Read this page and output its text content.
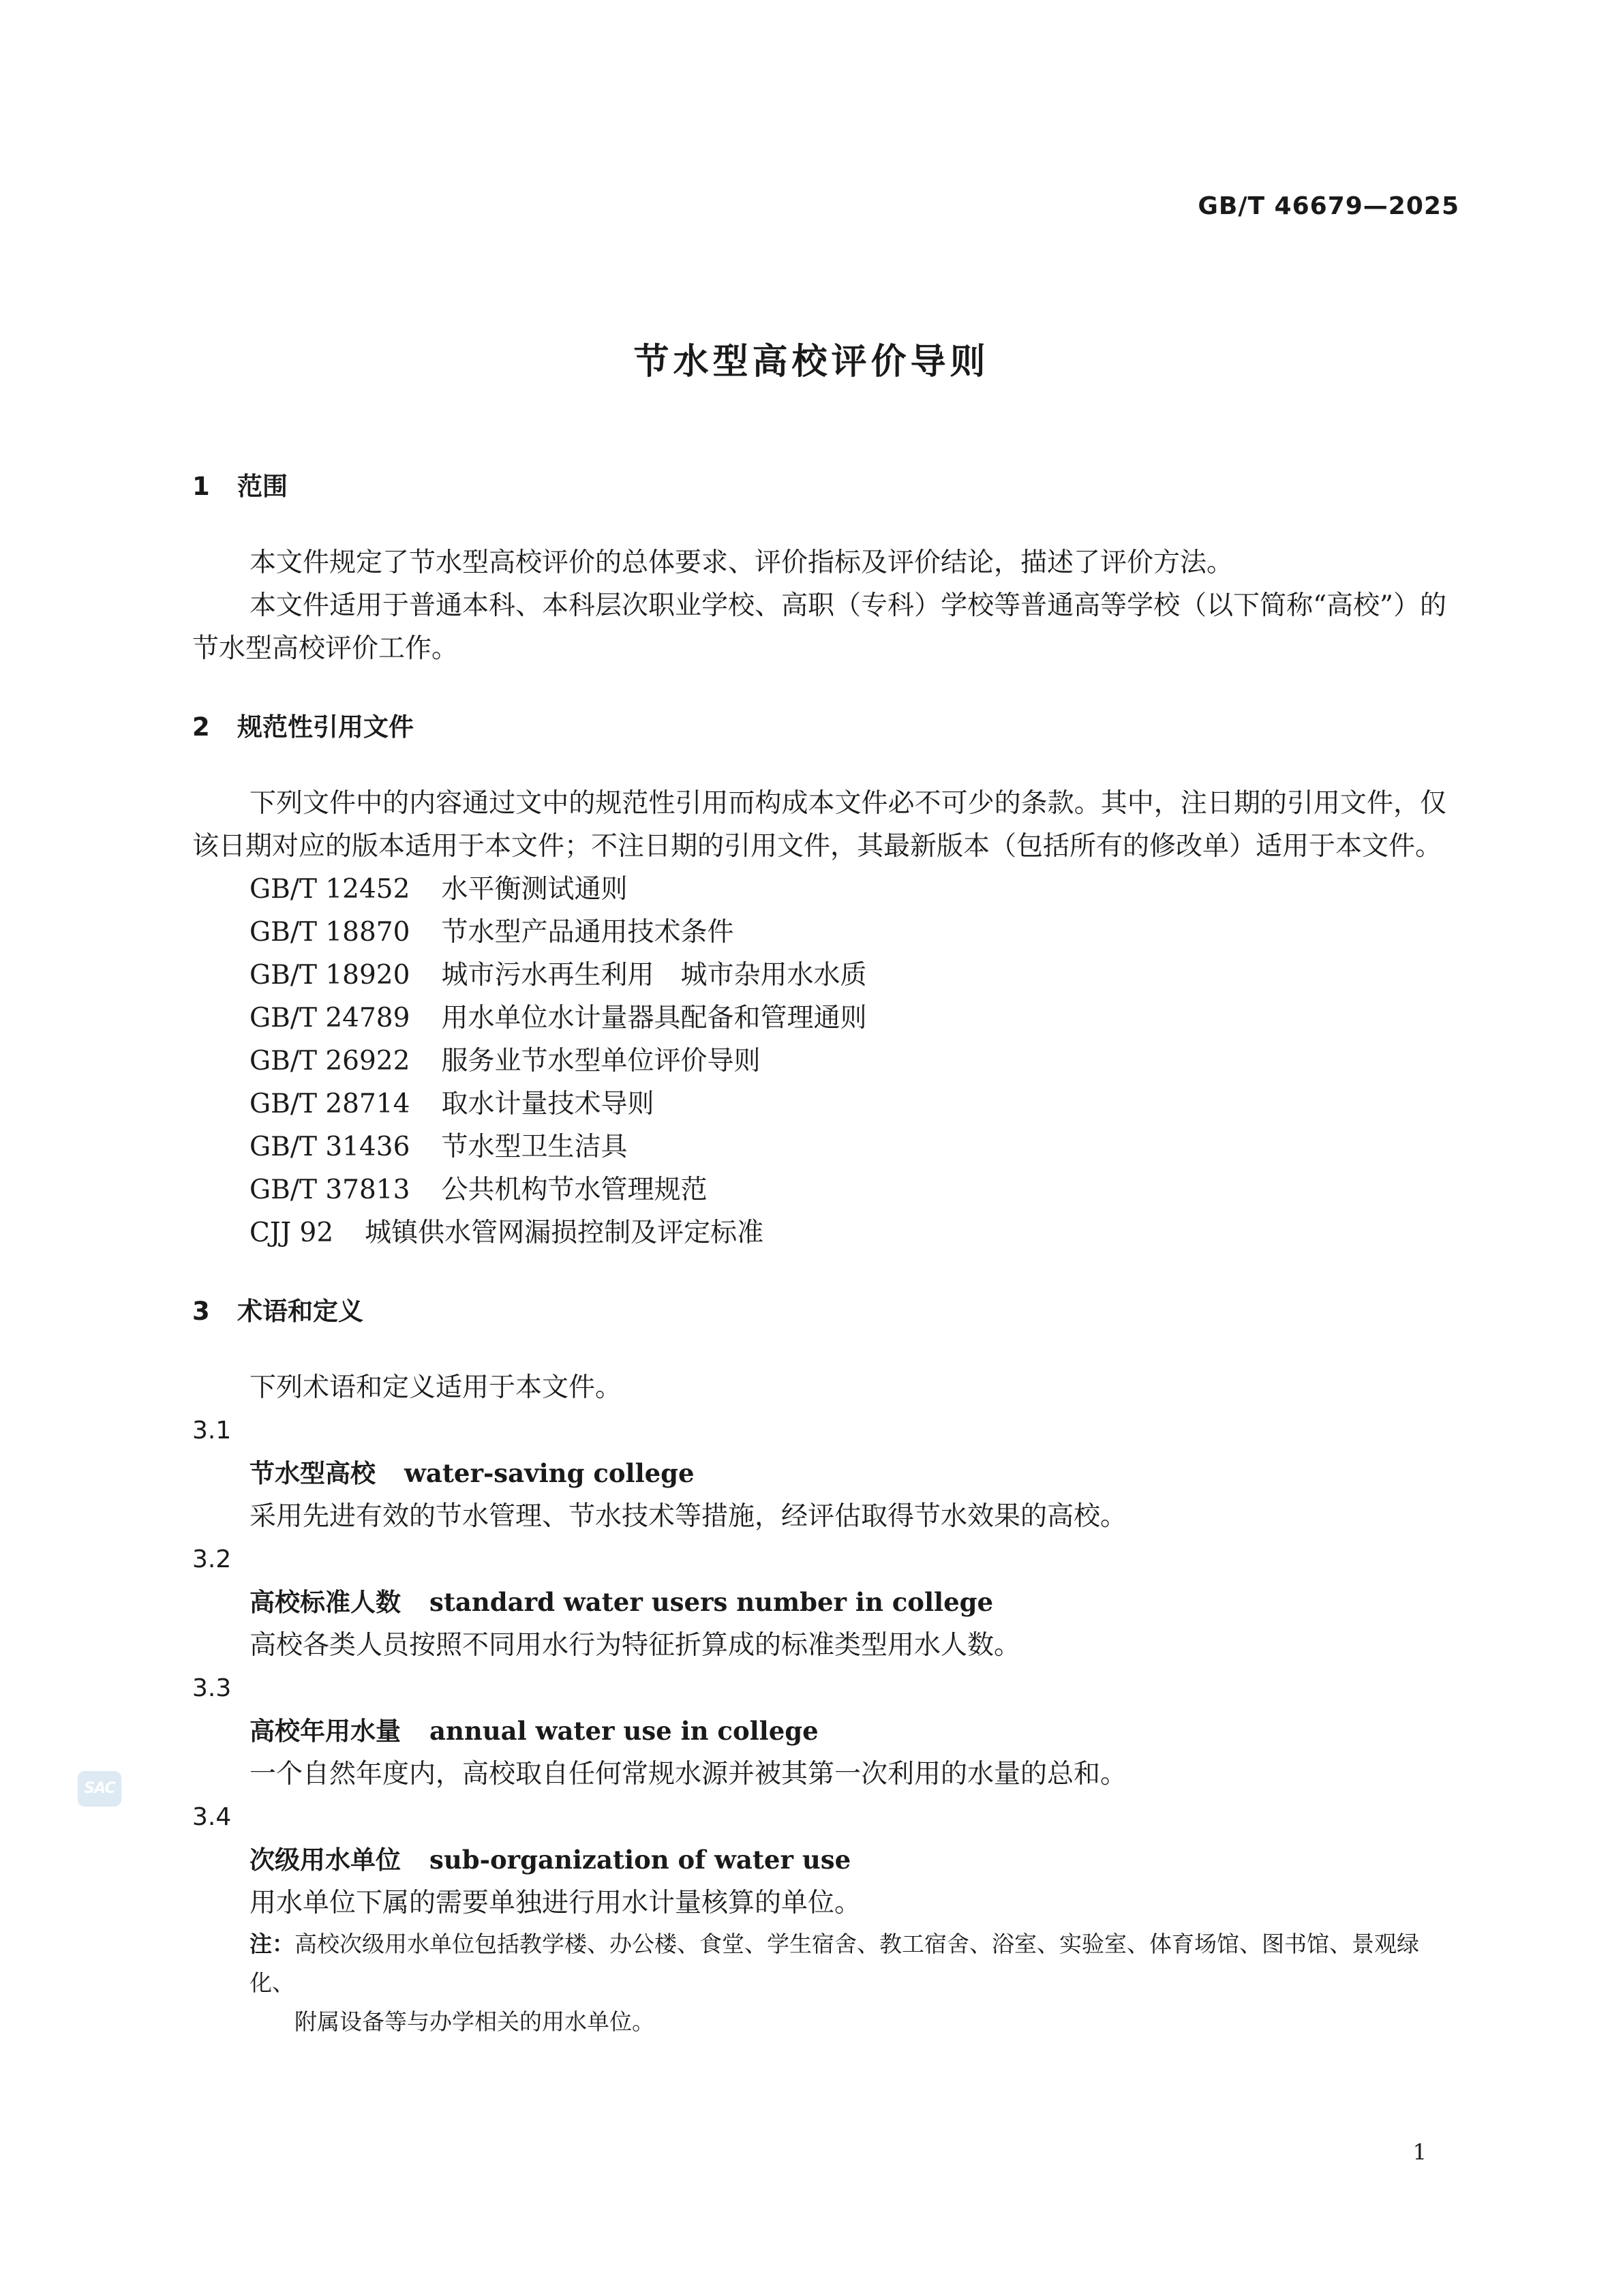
GB/T 46679—2025
节水型高校评价导则
1 范围
本文件规定了节水型高校评价的总体要求、评价指标及评价结论，描述了评价方法。
本文件适用于普通本科、本科层次职业学校、高职（专科）学校等普通高等学校（以下简称“高校”）的节水型高校评价工作。
2 规范性引用文件
下列文件中的内容通过文中的规范性引用而构成本文件必不可少的条款。其中，注日期的引用文件，仅该日期对应的版本适用于本文件；不注日期的引用文件，其最新版本（包括所有的修改单）适用于本文件。
GB/T 12452 水平衡测试通则
GB/T 18870 节水型产品通用技术条件
GB/T 18920 城市污水再生利用　城市杂用水水质
GB/T 24789 用水单位水计量器具配备和管理通则
GB/T 26922 服务业节水型单位评价导则
GB/T 28714 取水计量技术导则
GB/T 31436 节水型卫生洁具
GB/T 37813 公共机构节水管理规范
CJJ 92 城镇供水管网漏损控制及评定标准
3 术语和定义
下列术语和定义适用于本文件。
3.1
节水型高校 water-saving college
采用先进有效的节水管理、节水技术等措施，经评估取得节水效果的高校。
3.2
高校标准人数 standard water users number in college
高校各类人员按照不同用水行为特征折算成的标准类型用水人数。
3.3
高校年用水量 annual water use in college
一个自然年度内，高校取自任何常规水源并被其第一次利用的水量的总和。
3.4
次级用水单位 sub-organization of water use
用水单位下属的需要单独进行用水计量核算的单位。
注：高校次级用水单位包括教学楼、办公楼、食堂、学生宿舍、教工宿舍、浴室、实验室、体育场馆、图书馆、景观绿化、
附属设备等与办学相关的用水单位。
SAC
1
